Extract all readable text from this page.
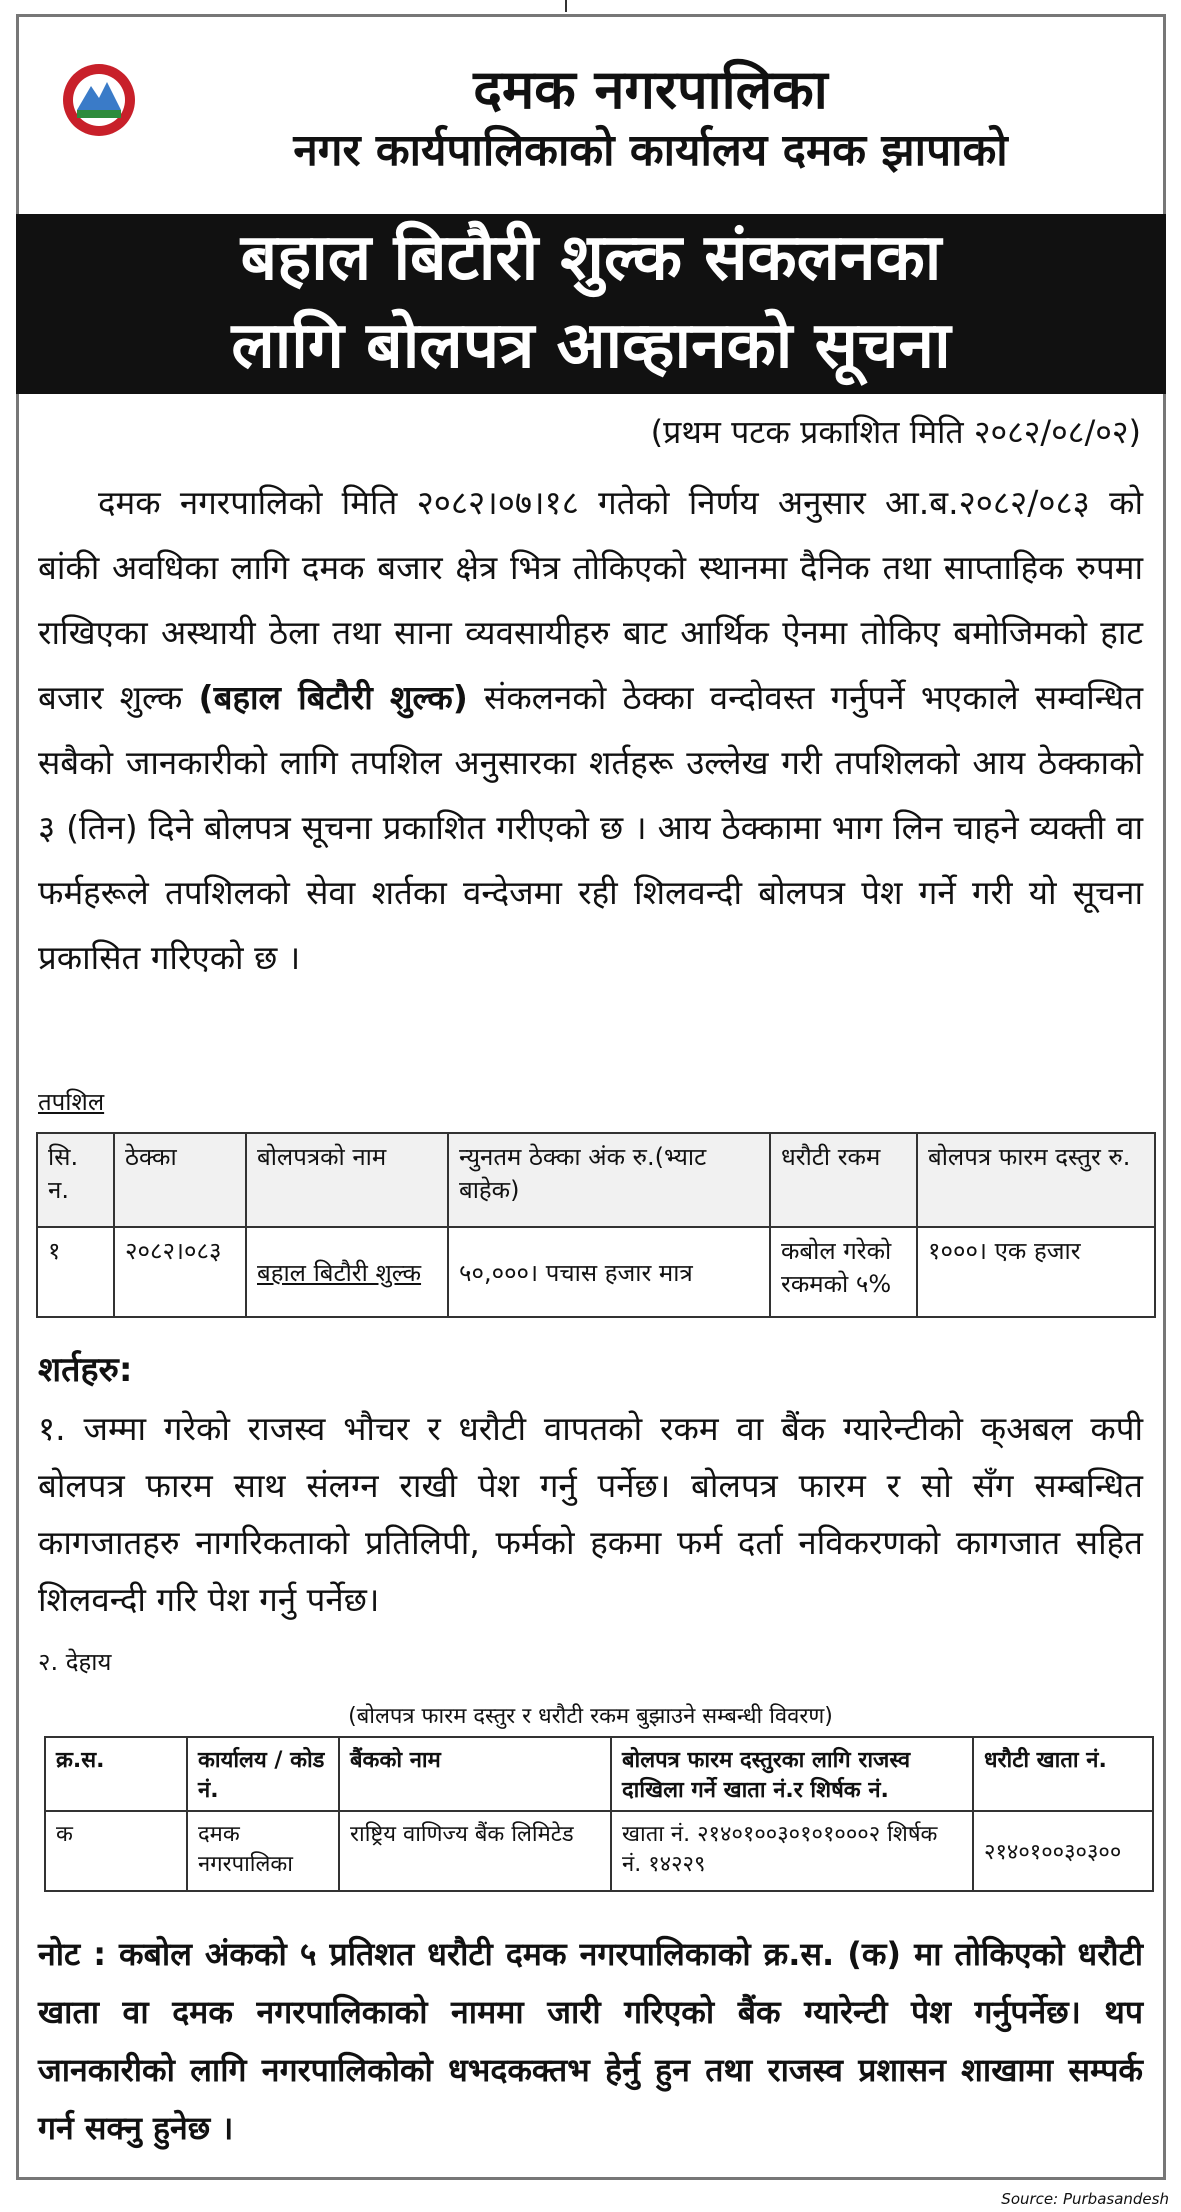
दमक नगरपालिका
नगर कार्यपालिकाको कार्यालय दमक झापाको
बहाल बिटौरी शुल्क संकलनका
लागि बोलपत्र आव्हानको सूचना
(प्रथम पटक प्रकाशित मिति २०८२/०८/०२)
दमक नगरपालिको मिति २०८२।०७।१८ गतेको निर्णय अनुसार आ.ब.२०८२/०८३ को बांकी अवधिका लागि दमक बजार क्षेत्र भित्र तोकिएको स्थानमा दैनिक तथा साप्ताहिक रुपमा राखिएका अस्थायी ठेला तथा साना व्यवसायीहरु बाट आर्थिक ऐनमा तोकिए बमोजिमको हाट बजार शुल्क (बहाल बिटौरी शुल्क) संकलनको ठेक्का वन्दोवस्त गर्नुपर्ने भएकाले सम्वन्धित सबैको जानकारीको लागि तपशिल अनुसारका शर्तहरू उल्लेख गरी तपशिलको आय ठेक्काको ३ (तिन) दिने बोलपत्र सूचना प्रकाशित गरीएको छ । आय ठेक्कामा भाग लिन चाहने व्यक्ती वा फर्महरूले तपशिलको सेवा शर्तका वन्देजमा रही शिलवन्दी बोलपत्र पेश गर्ने गरी यो सूचना प्रकासित गरिएको छ ।
तपशिल
सि. न.	ठेक्का	बोलपत्रको नाम	न्युनतम ठेक्का अंक रु.(भ्याट बाहेक)	धरौटी रकम	बोलपत्र फारम दस्तुर रु.
१	२०८२।०८३	बहाल बिटौरी शुल्क	५०,०००। पचास हजार मात्र	कबोल गरेको रकमको ५%	१०००। एक हजार
शर्तहरु:
१. जम्मा गरेको राजस्व भौचर र धरौटी वापतको रकम वा बैंक ग्यारेन्टीको क्अबल कपी बोलपत्र फारम साथ संलग्न राखी पेश गर्नु पर्नेछ। बोलपत्र फारम र सो सँग सम्बन्धित कागजातहरु नागरिकताको प्रतिलिपी, फर्मको हकमा फर्म दर्ता नविकरणको कागजात सहित शिलवन्दी गरि पेश गर्नु पर्नेछ।
२. देहाय
(बोलपत्र फारम दस्तुर र धरौटी रकम बुझाउने सम्बन्धी विवरण)
क्र.स.	कार्यालय / कोड नं.	बैंकको नाम	बोलपत्र फारम दस्तुरका लागि राजस्व दाखिला गर्ने खाता नं.र शिर्षक नं.	धरौटी खाता नं.
क	दमक नगरपालिका	राष्ट्रिय वाणिज्य बैंक लिमिटेड	खाता नं. २१४०१००३०१०१०००२ शिर्षक नं. १४२२९	२१४०१००३०३००
नोट : कबोल अंकको ५ प्रतिशत धरौटी दमक नगरपालिकाको क्र.स. (क) मा तोकिएको धरौटी खाता वा दमक नगरपालिकाको नाममा जारी गरिएको बैंक ग्यारेन्टी पेश गर्नुपर्नेछ। थप जानकारीको लागि नगरपालिकोको धभदकक्तभ हेर्नु हुन तथा राजस्व प्रशासन शाखामा सम्पर्क गर्न सक्नु हुनेछ ।
Source: Purbasandesh
